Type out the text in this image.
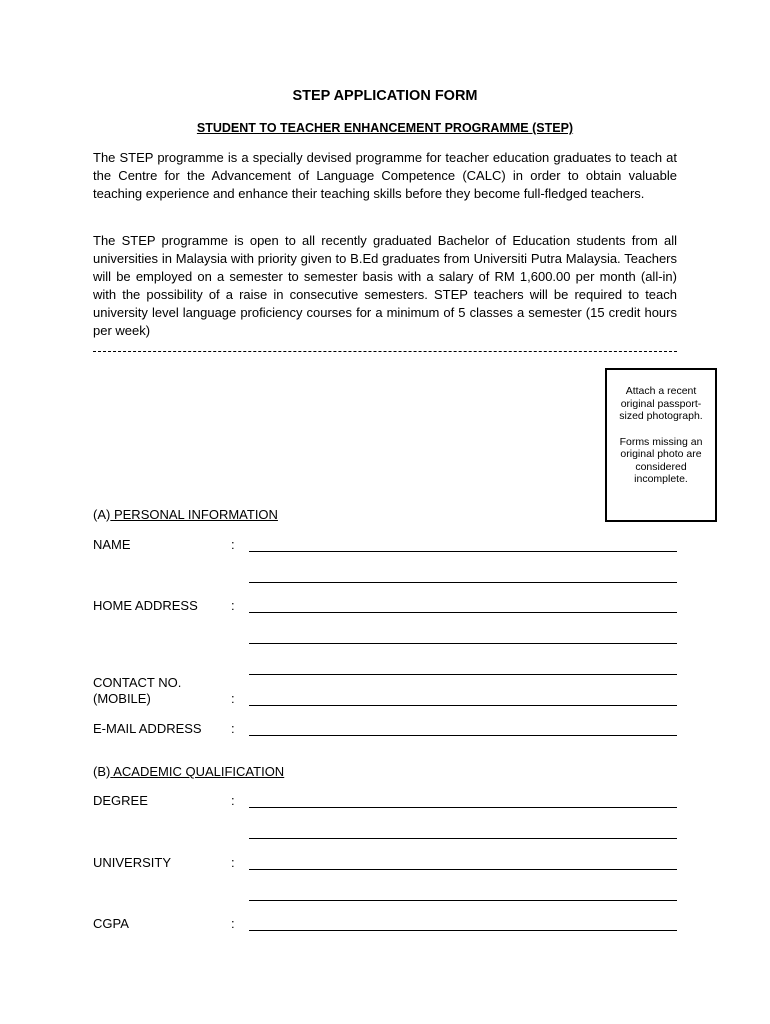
STEP APPLICATION FORM
STUDENT TO TEACHER ENHANCEMENT PROGRAMME (STEP)

The STEP programme is a specially devised programme for teacher education graduates to teach at the Centre for the Advancement of Language Competence (CALC) in order to obtain valuable teaching experience and enhance their teaching skills before they become full-fledged teachers.

The STEP programme is open to all recently graduated Bachelor of Education students from all universities in Malaysia with priority given to B.Ed graduates from Universiti Putra Malaysia. Teachers will be employed on a semester to semester basis with a salary of RM 1,600.00 per month (all-in) with the possibility of a raise in consecutive semesters. STEP teachers will be required to teach university level language proficiency courses for a minimum of 5 classes a semester (15 credit hours per week)

Attach a recent original passport-sized photograph.
Forms missing an original photo are considered incomplete.
(A) PERSONAL INFORMATION
NAME	:
HOME ADDRESS	:
CONTACT NO.
(MOBILE)	:
E-MAIL ADDRESS :
(B) ACADEMIC QUALIFICATION
DEGREE	:
UNIVERSITY	:
CGPA	:
